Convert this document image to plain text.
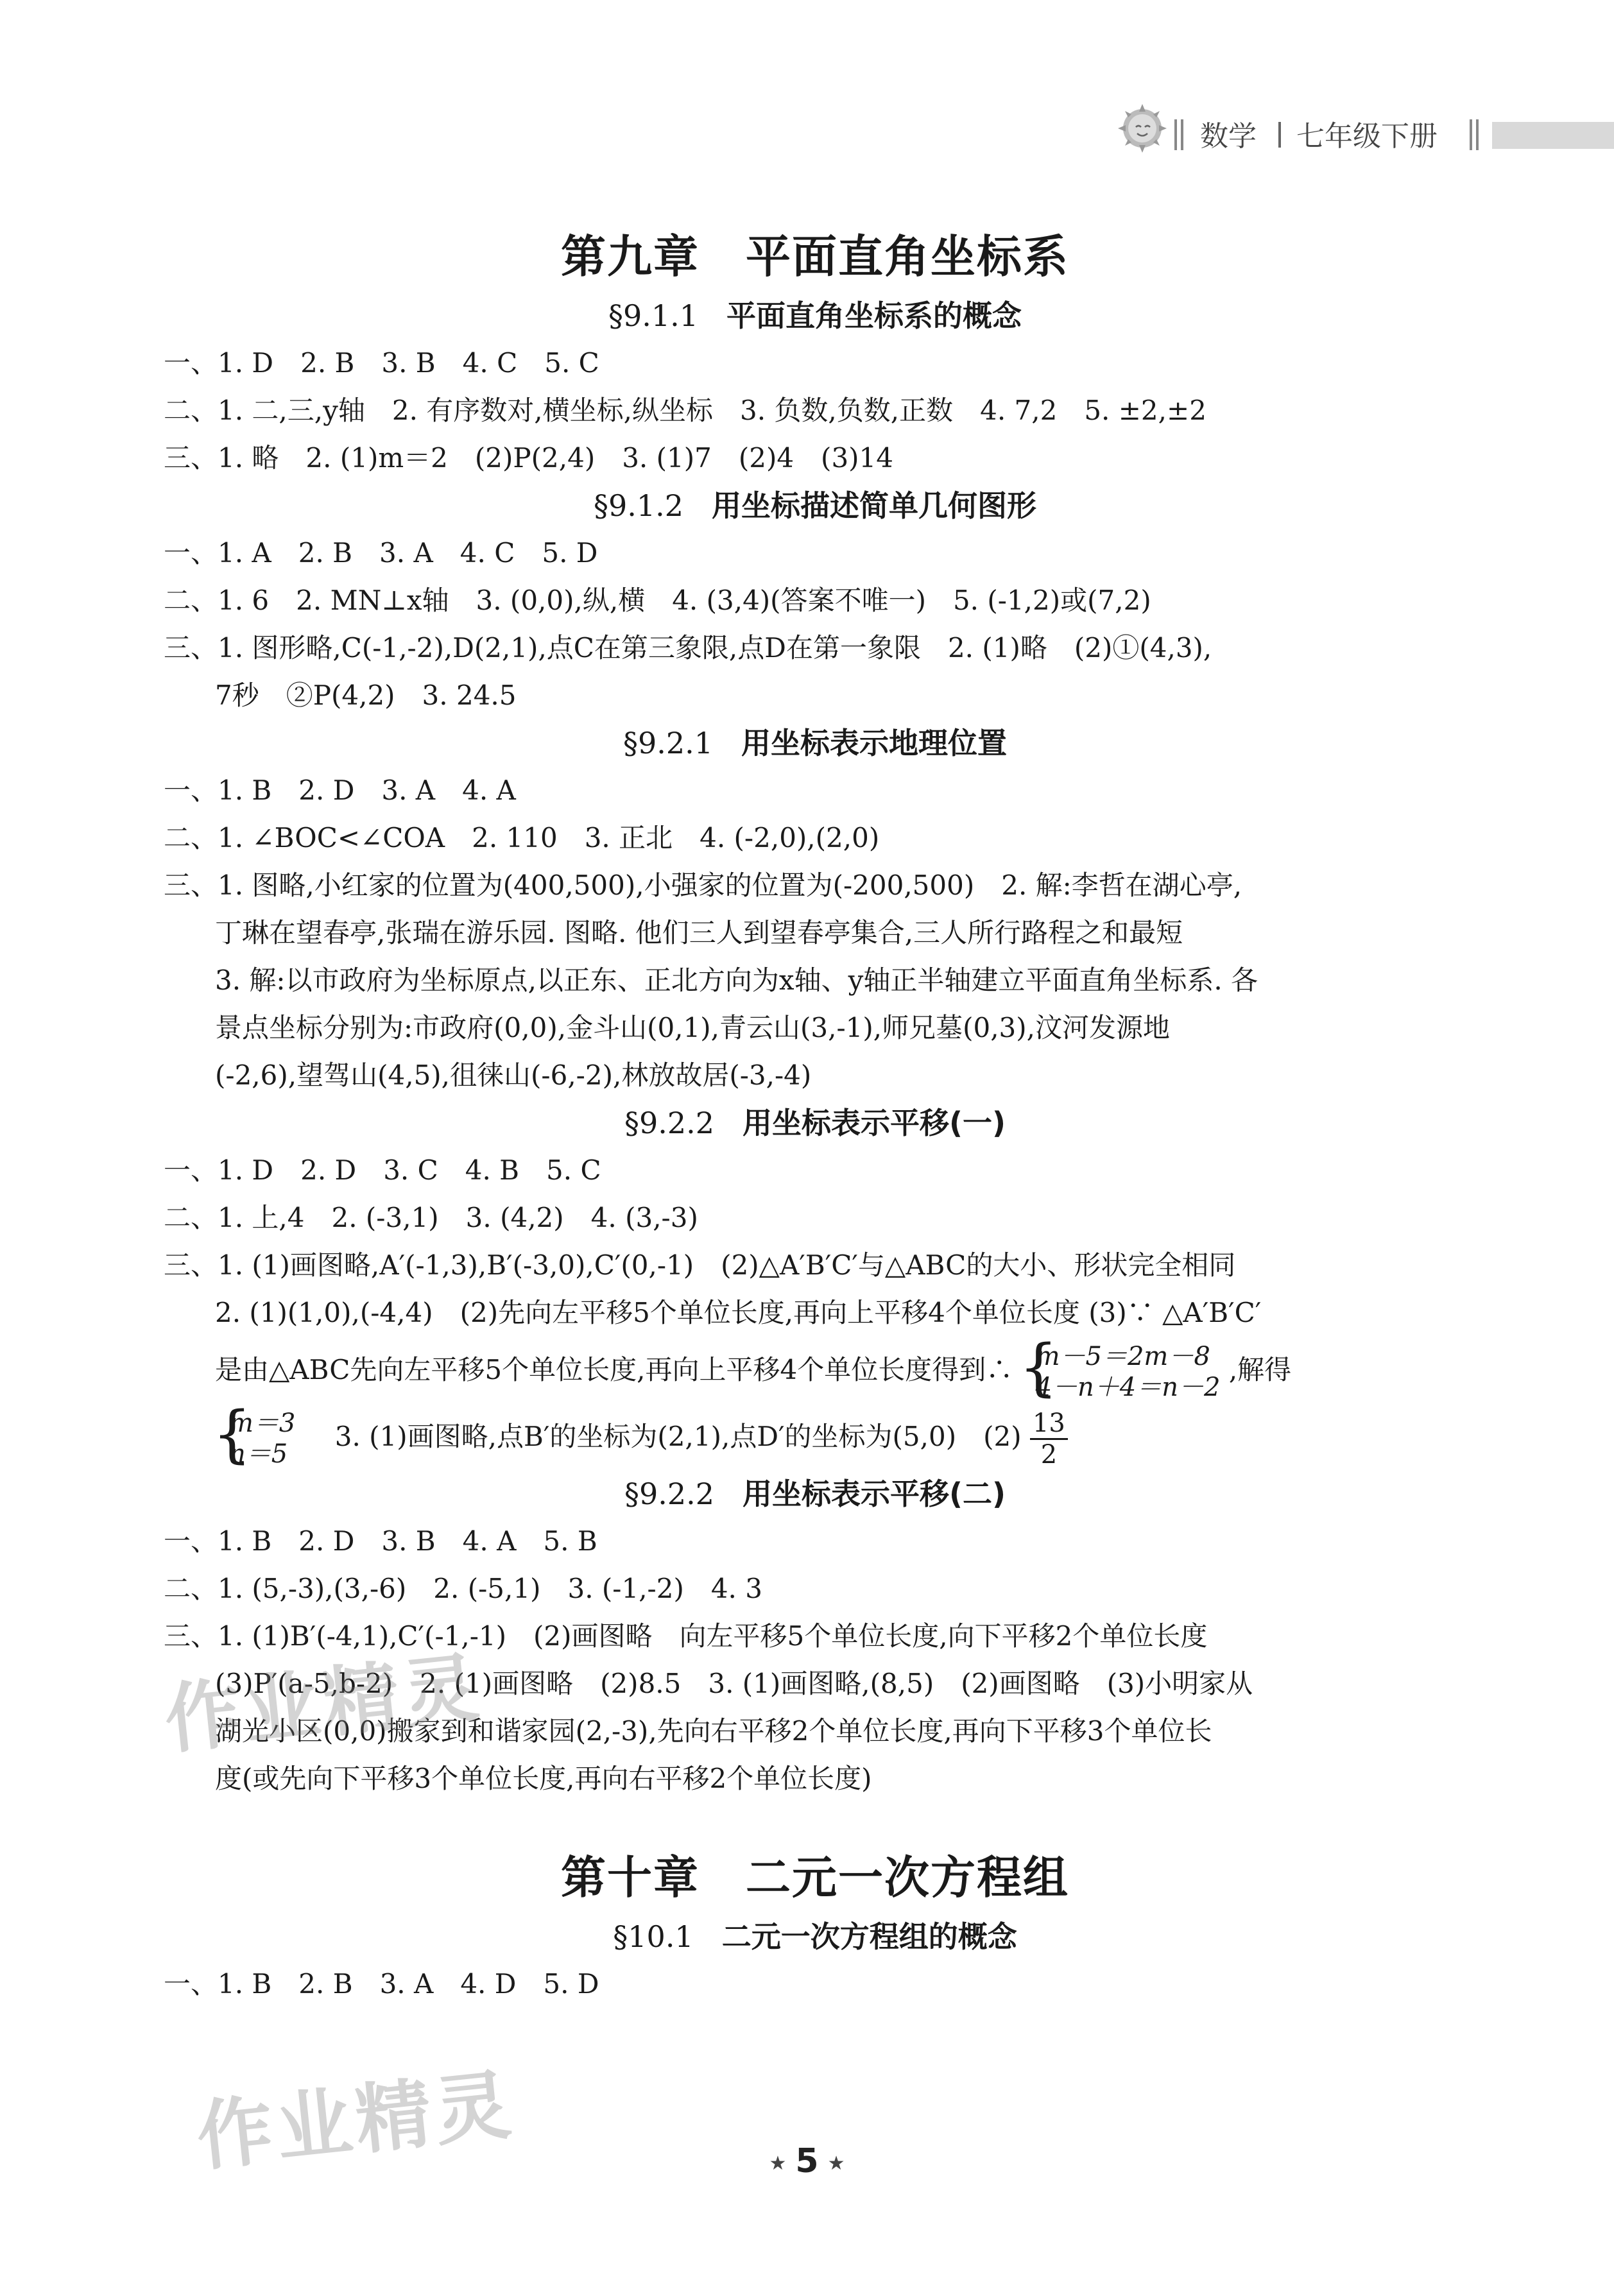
数学 七年级下册
第九章　平面直角坐标系
§9.1.1 平面直角坐标系的概念
一、1. D　2. B　3. B　4. C　5. C
二、1. 二,三,y轴　2. 有序数对,横坐标,纵坐标　3. 负数,负数,正数　4. 7,2　5. ±2,±2
三、1. 略　2. (1)m＝2　(2)P(2,4)　3. (1)7　(2)4　(3)14
§9.1.2 用坐标描述简单几何图形
一、1. A　2. B　3. A　4. C　5. D
二、1. 6　2. MN⊥x轴　3. (0,0),纵,横　4. (3,4)(答案不唯一)　5. (-1,2)或(7,2)
三、1. 图形略,C(-1,-2),D(2,1),点C在第三象限,点D在第一象限　2. (1)略　(2)①(4,3),
7秒　②P(4,2)　3. 24.5
§9.2.1 用坐标表示地理位置
一、1. B　2. D　3. A　4. A
二、1. ∠BOC<∠COA　2. 110　3. 正北　4. (-2,0),(2,0)
三、1. 图略,小红家的位置为(400,500),小强家的位置为(-200,500)　2. 解:李哲在湖心亭,
丁琳在望春亭,张瑞在游乐园. 图略. 他们三人到望春亭集合,三人所行路程之和最短
3. 解:以市政府为坐标原点,以正东、正北方向为x轴、y轴正半轴建立平面直角坐标系. 各
景点坐标分别为:市政府(0,0),金斗山(0,1),青云山(3,-1),师兄墓(0,3),汶河发源地
(-2,6),望驾山(4,5),徂徕山(-6,-2),林放故居(-3,-4)
§9.2.2 用坐标表示平移(一)
一、1. D　2. D　3. C　4. B　5. C
二、1. 上,4　2. (-3,1)　3. (4,2)　4. (3,-3)
三、1. (1)画图略,A′(-1,3),B′(-3,0),C′(0,-1)　(2)△A′B′C′与△ABC的大小、形状完全相同
2. (1)(1,0),(-4,4)　(2)先向左平移5个单位长度,再向上平移4个单位长度 (3)∵ △A′B′C′
是由△ABC先向左平移5个单位长度,再向上平移4个单位长度得到∴
{ m－5＝2m－8
4－n＋4＝n－2
,解得
{ m＝3
n＝5
3. (1)画图略,点B′的坐标为(2,1),点D′的坐标为(5,0)　$(2) \frac{13}{2}$
§9.2.2 用坐标表示平移(二)
一、1. B　2. D　3. B　4. A　5. B
二、1. (5,-3),(3,-6)　2. (-5,1)　3. (-1,-2)　4. 3
三、1. (1)B′(-4,1),C′(-1,-1)　(2)画图略　向左平移5个单位长度,向下平移2个单位长度
(3)P′(a-5,b-2)　2. (1)画图略　(2)8.5　3. (1)画图略,(8,5)　(2)画图略　(3)小明家从
湖光小区(0,0)搬家到和谐家园(2,-3),先向右平移2个单位长度,再向下平移3个单位长
度(或先向下平移3个单位长度,再向右平移2个单位长度)
第十章　二元一次方程组
§10.1 二元一次方程组的概念
一、1. B　2. B　3. A　4. D　5. D
作业精灵
作业精灵	★ 5 ★
